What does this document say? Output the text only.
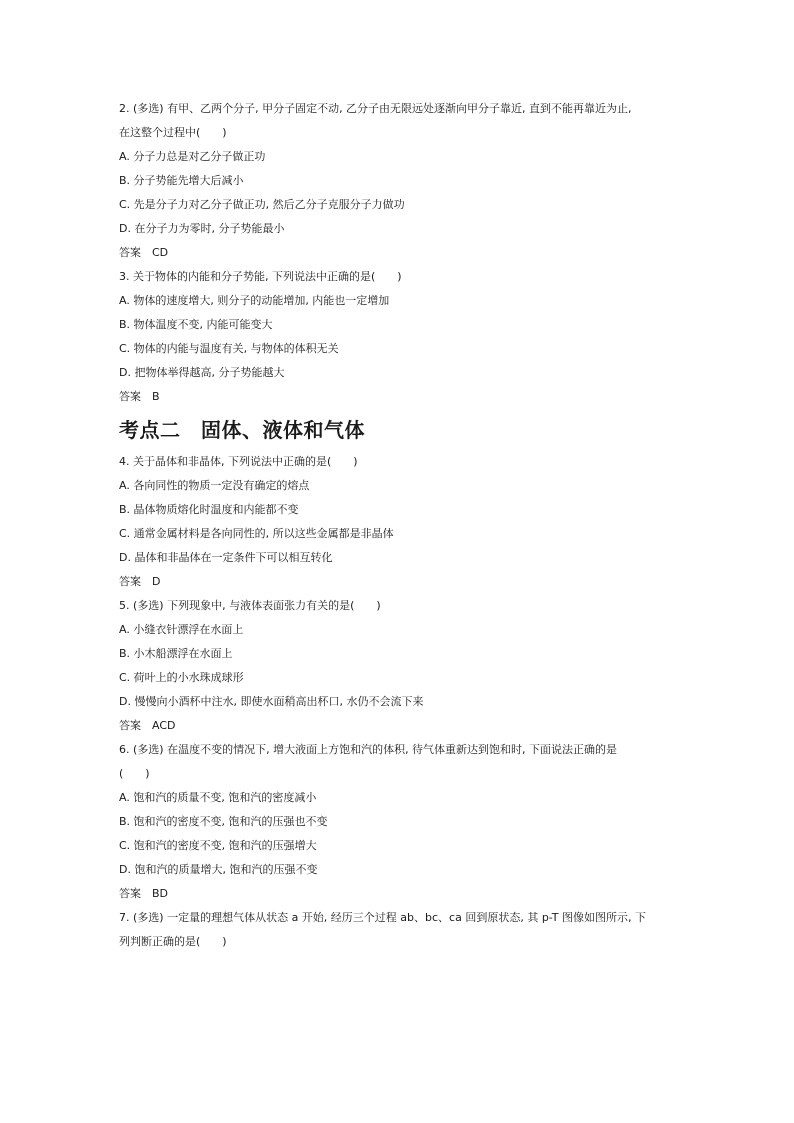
2. (多选) 有甲、乙两个分子, 甲分子固定不动, 乙分子由无限远处逐渐向甲分子靠近, 直到不能再靠近为止,

在这整个过程中(　　)

A. 分子力总是对乙分子做正功

B. 分子势能先增大后减小

C. 先是分子力对乙分子做正功, 然后乙分子克服分子力做功

D. 在分子力为零时, 分子势能最小

答案　CD

3. 关于物体的内能和分子势能, 下列说法中正确的是(　　)

A. 物体的速度增大, 则分子的动能增加, 内能也一定增加

B. 物体温度不变, 内能可能变大

C. 物体的内能与温度有关, 与物体的体积无关

D. 把物体举得越高, 分子势能越大

答案　B

考点二　固体、液体和气体

4. 关于晶体和非晶体, 下列说法中正确的是(　　)

A. 各向同性的物质一定没有确定的熔点

B. 晶体物质熔化时温度和内能都不变

C. 通常金属材料是各向同性的, 所以这些金属都是非晶体

D. 晶体和非晶体在一定条件下可以相互转化

答案　D

5. (多选) 下列现象中, 与液体表面张力有关的是(　　)

A. 小缝衣针漂浮在水面上

B. 小木船漂浮在水面上

C. 荷叶上的小水珠成球形

D. 慢慢向小酒杯中注水, 即使水面稍高出杯口, 水仍不会流下来

答案　ACD

6. (多选) 在温度不变的情况下, 增大液面上方饱和汽的体积, 待气体重新达到饱和时, 下面说法正确的是

(　　)

A. 饱和汽的质量不变, 饱和汽的密度减小

B. 饱和汽的密度不变, 饱和汽的压强也不变

C. 饱和汽的密度不变, 饱和汽的压强增大

D. 饱和汽的质量增大, 饱和汽的压强不变

答案　BD

7. (多选) 一定量的理想气体从状态 a 开始, 经历三个过程 ab、bc、ca 回到原状态, 其 p-T 图像如图所示, 下

列判断正确的是(　　)
